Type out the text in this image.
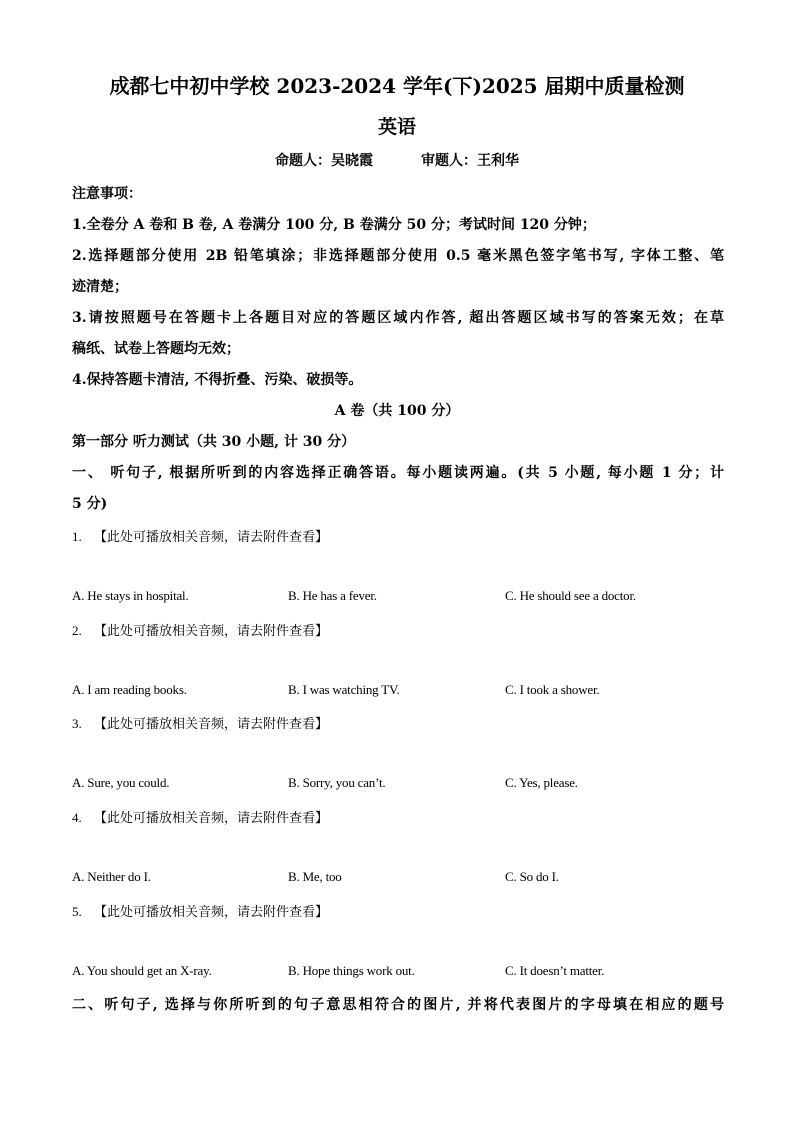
成都七中初中学校 2023-2024 学年(下)2025 届期中质量检测
英语
命题人：吴晓霞	审题人：王利华
注意事项：
1.全卷分 A 卷和 B 卷, A 卷满分 100 分, B 卷满分 50 分；考试时间 120 分钟；
2.选择题部分使用 2B 铅笔填涂；非选择题部分使用 0.5 毫米黑色签字笔书写, 字体工整、笔
迹清楚；
3.请按照题号在答题卡上各题目对应的答题区域内作答, 超出答题区域书写的答案无效；在草
稿纸、试卷上答题均无效；
4.保持答题卡清洁, 不得折叠、污染、破损等。
A 卷（共 100 分）
第一部分 听力测试（共 30 小题, 计 30 分）
一、 听句子, 根据所听到的内容选择正确答语。每小题读两遍。(共 5 小题, 每小题 1 分；计
5 分)
1. 【此处可播放相关音频，请去附件查看】
A. He stays in hospital.	B. He has a fever.	C. He should see a doctor.
2. 【此处可播放相关音频，请去附件查看】
A. I am reading books.	B. I was watching TV.	C. I took a shower.
3. 【此处可播放相关音频，请去附件查看】
A. Sure, you could.	B. Sorry, you can’t.	C. Yes, please.
4. 【此处可播放相关音频，请去附件查看】
A. Neither do I.	B. Me, too	C. So do I.
5. 【此处可播放相关音频，请去附件查看】
A. You should get an X-ray.	B. Hope things work out.	C. It doesn’t matter.
二、听句子, 选择与你所听到的句子意思相符合的图片, 并将代表图片的字母填在相应的题号
